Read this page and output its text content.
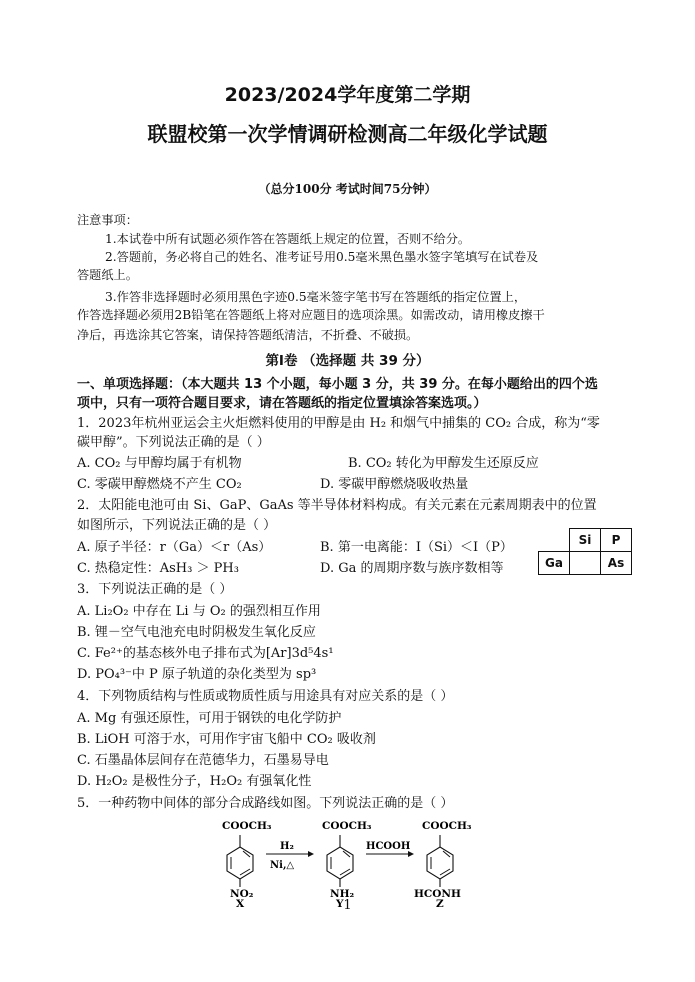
2023/2024学年度第二学期
联盟校第一次学情调研检测高二年级化学试题
（总分100分 考试时间75分钟）
注意事项：
1.本试卷中所有试题必须作答在答题纸上规定的位置，否则不给分。
2.答题前，务必将自己的姓名、准考证号用0.5毫米黑色墨水签字笔填写在试卷及
答题纸上。
3.作答非选择题时必须用黑色字迹0.5毫米签字笔书写在答题纸的指定位置上，
作答选择题必须用2B铅笔在答题纸上将对应题目的选项涂黑。如需改动，请用橡皮擦干
净后，再选涂其它答案，请保持答题纸清洁，不折叠、不破损。
第Ⅰ卷 （选择题 共 39 分）
一、单项选择题：（本大题共 13 个小题，每小题 3 分，共 39 分。在每小题给出的四个选
项中，只有一项符合题目要求，请在答题纸的指定位置填涂答案选项。）
1．2023年杭州亚运会主火炬燃料使用的甲醇是由 H₂ 和烟气中捕集的 CO₂ 合成，称为“零
碳甲醇”。下列说法正确的是（ ）
A. CO₂ 与甲醇均属于有机物	B. CO₂ 转化为甲醇发生还原反应
C. 零碳甲醇燃烧不产生 CO₂	D. 零碳甲醇燃烧吸收热量
2．太阳能电池可由 Si、GaP、GaAs 等半导体材料构成。有关元素在元素周期表中的位置
如图所示，下列说法正确的是（ ）
A. 原子半径：r（Ga）＜r（As）	B. 第一电离能：I（Si）＜I（P）
C. 热稳定性：AsH₃ ＞ PH₃	D. Ga 的周期序数与族序数相等
	Si	P
Ga		As
3．下列说法正确的是（ ）
A. Li₂O₂ 中存在 Li 与 O₂ 的强烈相互作用
B. 锂－空气电池充电时阴极发生氧化反应
C. Fe²⁺的基态核外电子排布式为[Ar]3d⁵4s¹
D. PO₄³⁻中 P 原子轨道的杂化类型为 sp³
4．下列物质结构与性质或物质性质与用途具有对应关系的是（ ）
A. Mg 有强还原性，可用于钢铁的电化学防护
B. LiOH 可溶于水，可用作宇宙飞船中 CO₂ 吸收剂
C. 石墨晶体层间存在范德华力，石墨易导电
D. H₂O₂ 是极性分子，H₂O₂ 有强氧化性
5．一种药物中间体的部分合成路线如图。下列说法正确的是（ ）
COOCH₃
NO₂
X
H₂
Ni,△
COOCH₃
NH₂
Y
HCOOH
COOCH₃
HCONH
Z
1
